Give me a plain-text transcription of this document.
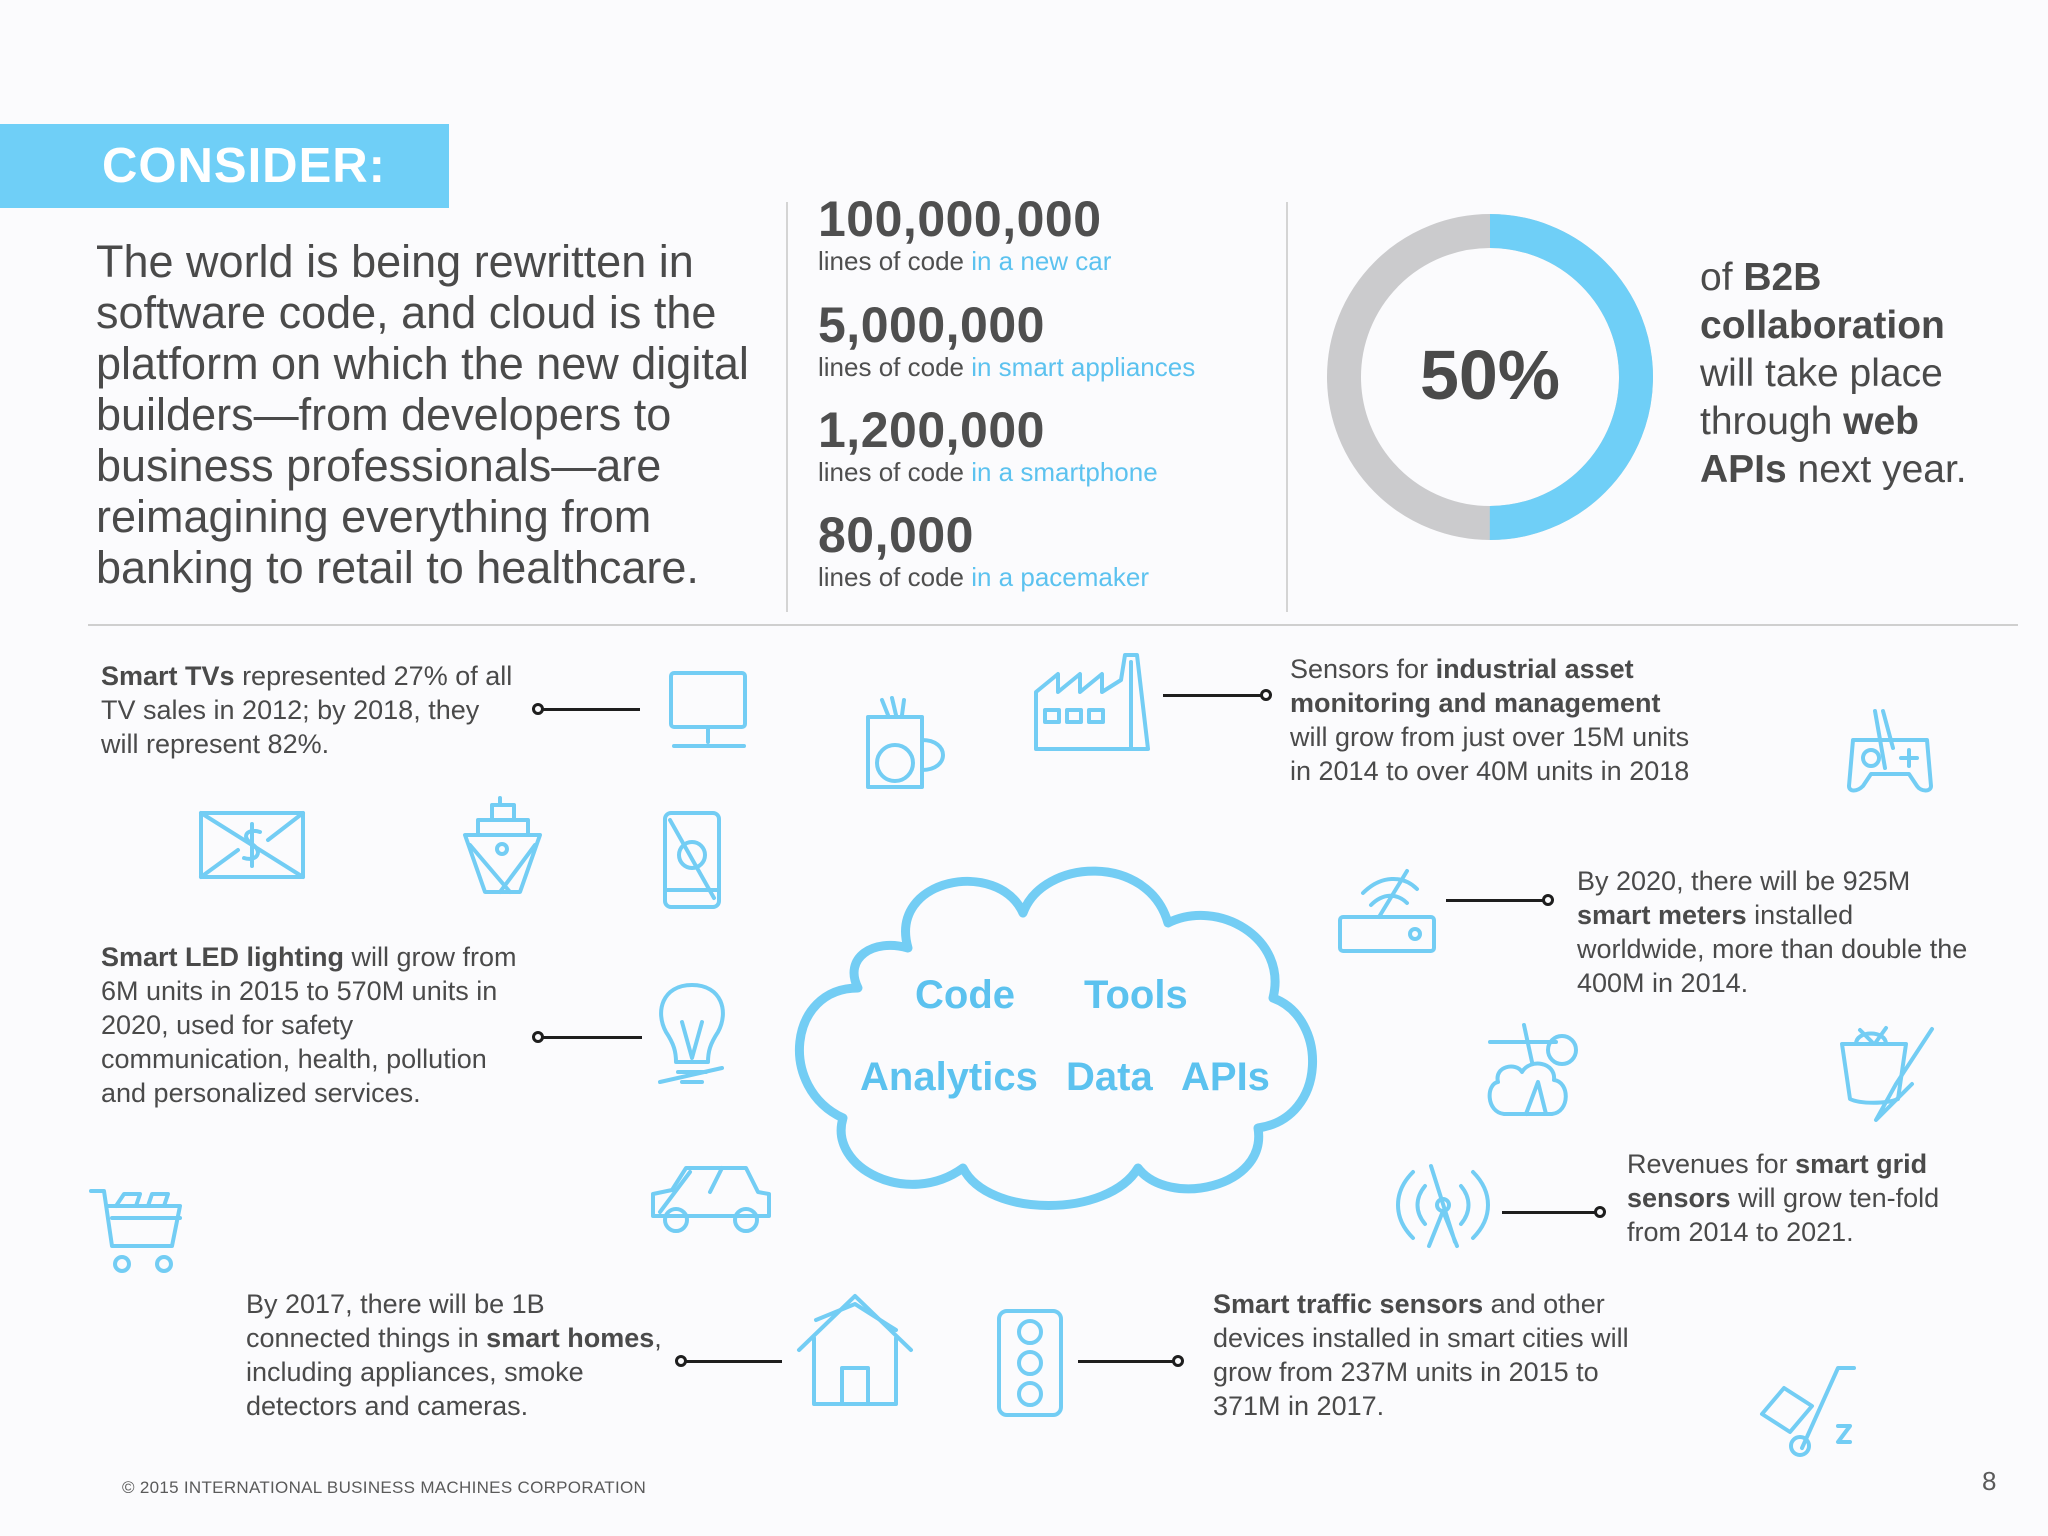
CONSIDER:
The world is being rewritten in software code, and cloud is the platform on which the new digital builders—from developers to business professionals—are reimagining everything from banking to retail to healthcare.
100,000,000
lines of code in a new car
5,000,000
lines of code in smart appliances
1,200,000
lines of code in a smartphone
80,000
lines of code in a pacemaker
50%
of B2B
collaboration
will take place
through web
APIs next year.
Smart TVs represented 27% of all TV sales in 2012; by 2018, they will represent 82%.
Smart LED lighting will grow from 6M units in 2015 to 570M units in 2020, used for safety communication, health, pollution and personalized services.
By 2017, there will be 1B connected things in smart homes, including appliances, smoke detectors and cameras.
Sensors for industrial asset monitoring and management will grow from just over 15M units in 2014 to over 40M units in 2018
By 2020, there will be 925M smart meters installed worldwide, more than double the 400M in 2014.
Revenues for smart grid sensors will grow ten-fold from 2014 to 2021.
Smart traffic sensors and other devices installed in smart cities will grow from 237M units in 2015 to 371M in 2017.
Code Tools
Analytics Data APIs
© 2015 INTERNATIONAL BUSINESS MACHINES CORPORATION	8
